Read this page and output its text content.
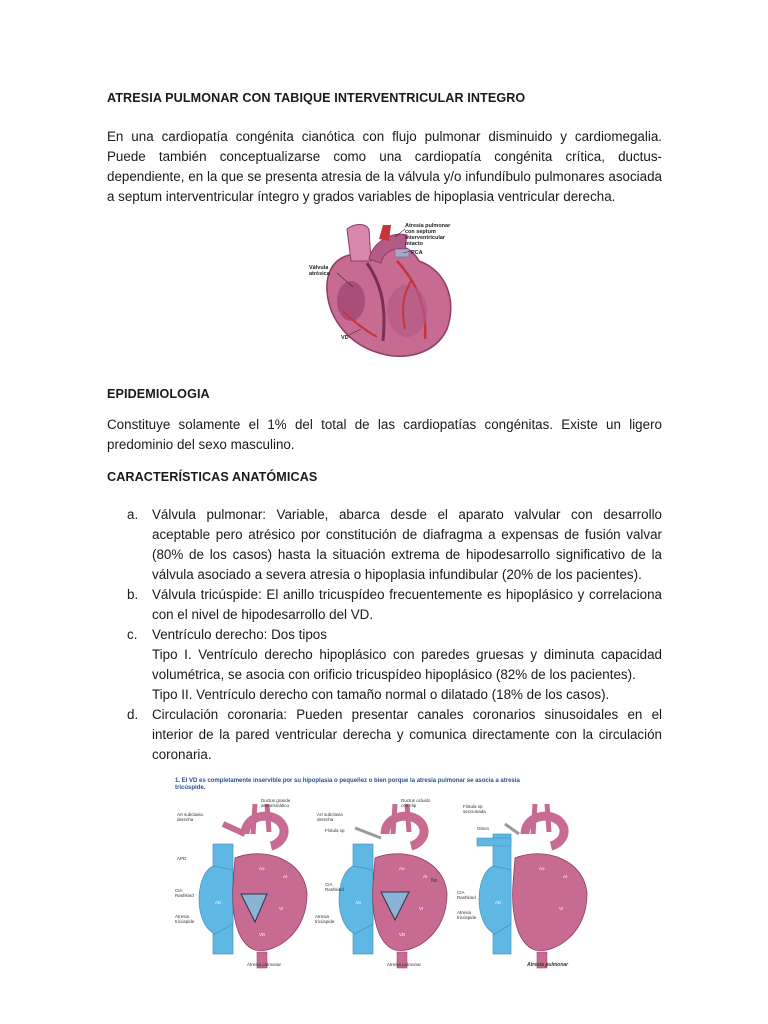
ATRESIA PULMONAR CON TABIQUE INTERVENTRICULAR INTEGRO

En una cardiopatía congénita cianótica con flujo pulmonar disminuido y cardiomegalia. Puede también conceptualizarse como una cardiopatía congénita crítica, ductus-dependiente, en la que se presenta atresia de la válvula y/o infundíbulo pulmonares asociada a septum interventricular íntegro y grados variables de hipoplasia ventricular derecha.

Atresia pulmonar
con septum
interventricular
intacto
PCA
Válvula
atrésica
VD
EPIDEMIOLOGIA

Constituye solamente el 1% del total de las cardiopatías congénitas. Existe un ligero predominio del sexo masculino.

CARACTERÍSTICAS ANATÓMICAS
a. Válvula pulmonar: Variable, abarca desde el aparato valvular con desarrollo aceptable pero atrésico por constitución de diafragma a expensas de fusión valvar (80% de los casos) hasta la situación extrema de hipodesarrollo significativo de la válvula asociado a severa atresia o hipoplasia infundibular (20% de los pacientes).
b. Válvula tricúspide: El anillo tricuspídeo frecuentemente es hipoplásico y correlaciona con el nivel de hipodesarrollo del VD.
c. Ventrículo derecho: Dos tipos
Tipo I. Ventrículo derecho hipoplásico con paredes gruesas y diminuta capacidad volumétrica, se asocia con orificio tricuspídeo hipoplásico (82% de los pacientes).
Tipo II. Ventrículo derecho con tamaño normal o dilatado (18% de los casos).
d. Circulación coronaria: Pueden presentar canales coronarios sinusoidales en el interior de la pared ventricular derecha y comunica directamente con la circulación coronaria.
1. El VD es completamente inservible por su hipoplasia o pequeñez o bien porque la atresia pulmonar se asocia a atresia
tricúspide.
Art subclavia
derecha
Ductus grande
aneurismático
APD
CIA
Rashkind
Atresia
tricúspide
Atresia pulmonar
Ao
AI
AD
VI
VD
Art subclavia
derecha
Ductus ocluido
con clip
Fístula sp
CIA
Rashkind
Atresia
tricúspide
Atresia pulmonar
Ao
AI
AD
VI
VD
Fístula sp
seccionada
Glenn
CIA
Rashkind
Atresia
tricúspide
Atresia pulmonar
No
Ao
AI
AD
VI
